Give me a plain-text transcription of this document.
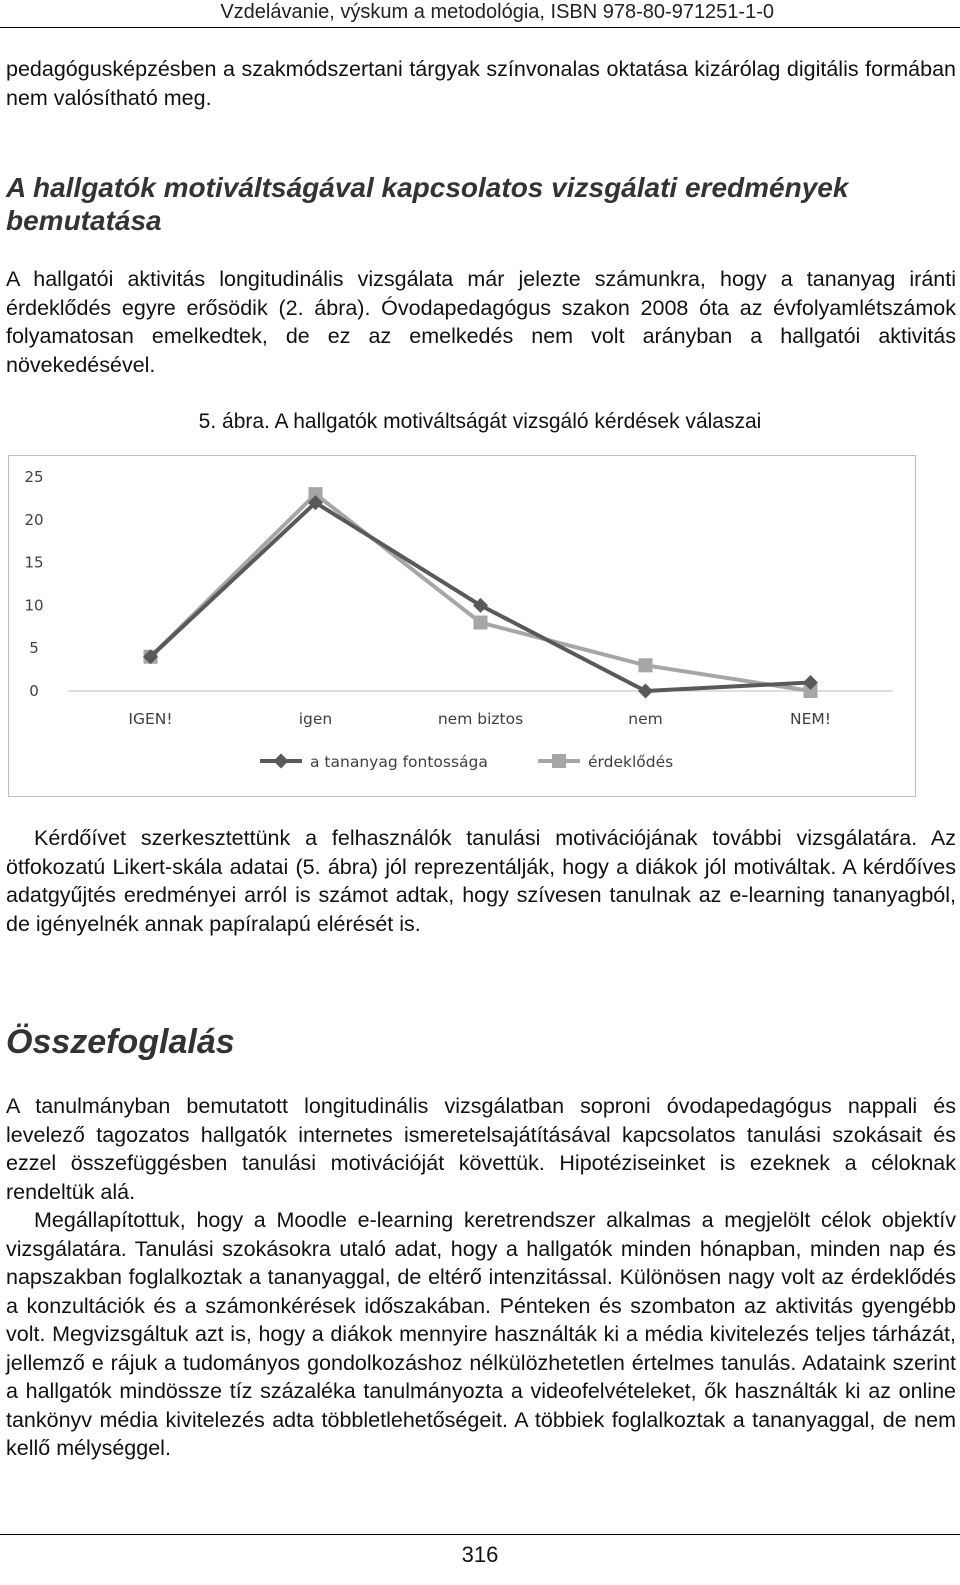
Vzdelávanie, výskum a metodológia, ISBN 978-80-971251-1-0

pedagógusképzésben a szakmódszertani tárgyak színvonalas oktatása kizárólag digitális formában nem valósítható meg.

A hallgatók motiváltságával kapcsolatos vizsgálati eredmények bemutatása

A hallgatói aktivitás longitudinális vizsgálata már jelezte számunkra, hogy a tananyag iránti érdeklődés egyre erősödik (2. ábra). Óvodapedagógus szakon 2008 óta az évfolyamlétszámok folyamatosan emelkedtek, de ez az emelkedés nem volt arányban a hallgatói aktivitás növekedésével.

5. ábra. A hallgatók motiváltságát vizsgáló kérdések válaszai
0
5
10
15
20
25
IGEN!	igen	nem biztos	nem	NEM!
a tananyag fontossága	érdeklődés

Kérdőívet szerkesztettünk a felhasználók tanulási motivációjának további vizsgálatára. Az ötfokozatú Likert-skála adatai (5. ábra) jól reprezentálják, hogy a diákok jól motiváltak. A kérdőíves adatgyűjtés eredményei arról is számot adtak, hogy szívesen tanulnak az e-learning tananyagból, de igényelnék annak papíralapú elérését is.

Összefoglalás

A tanulmányban bemutatott longitudinális vizsgálatban soproni óvodapedagógus nappali és levelező tagozatos hallgatók internetes ismeretelsajátításával kapcsolatos tanulási szokásait és ezzel összefüggésben tanulási motivációját követtük. Hipotéziseinket is ezeknek a céloknak rendeltük alá.

Megállapítottuk, hogy a Moodle e-learning keretrendszer alkalmas a megjelölt célok objektív vizsgálatára. Tanulási szokásokra utaló adat, hogy a hallgatók minden hónapban, minden nap és napszakban foglalkoztak a tananyaggal, de eltérő intenzitással. Különösen nagy volt az érdeklődés a konzultációk és a számonkérések időszakában. Pénteken és szombaton az aktivitás gyengébb volt. Megvizsgáltuk azt is, hogy a diákok mennyire használták ki a média kivitelezés teljes tárházát, jellemző e rájuk a tudományos gondolkozáshoz nélkülözhetetlen értelmes tanulás. Adataink szerint a hallgatók mindössze tíz százaléka tanulmányozta a videofelvételeket, ők használták ki az online tankönyv média kivitelezés adta többletlehetőségeit. A többiek foglalkoztak a tananyaggal, de nem kellő mélységgel.

316
